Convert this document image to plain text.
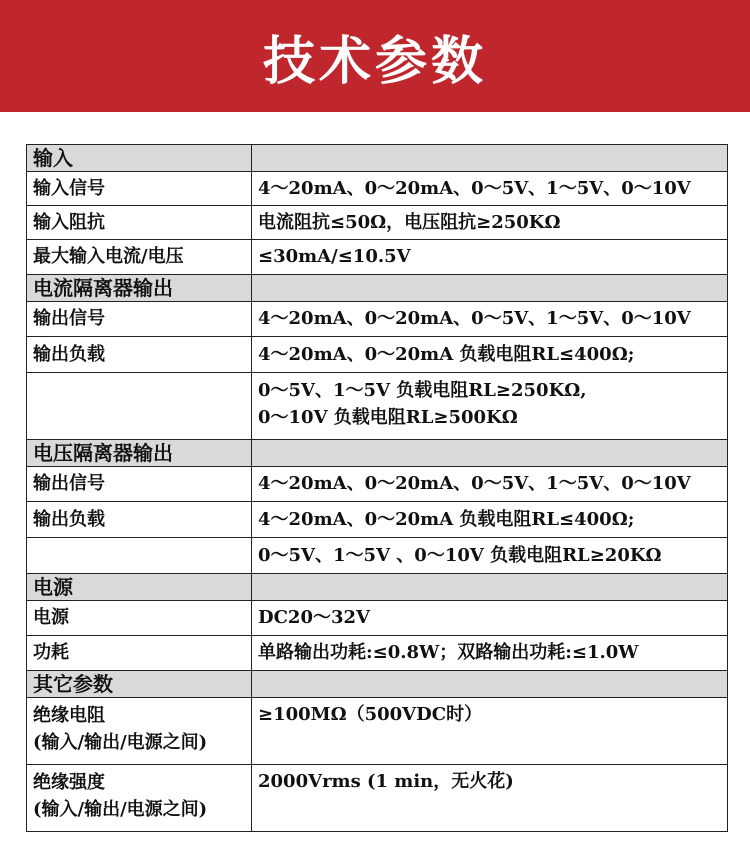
技术参数
输入	
输入信号	4～20mA、0～20mA、0～5V、1～5V、0～10V
输入阻抗	电流阻抗≤50Ω，电压阻抗≥250KΩ
最大输入电流/电压	≤30mA/≤10.5V
电流隔离器输出	
输出信号	4～20mA、0～20mA、0～5V、1～5V、0～10V
输出负载	4～20mA、0～20mA 负载电阻RL≤400Ω;

	0～5V、1～5V 负载电阻RL≥250KΩ,
0～10V 负载电阻RL≥500KΩ

电压隔离器输出	
输出信号	4～20mA、0～20mA、0～5V、1～5V、0～10V
输出负载	4～20mA、0～20mA 负载电阻RL≤400Ω;
	0～5V、1～5V 、0～10V 负载电阻RL≥20KΩ
电源	
电源	DC20～32V
功耗	单路输出功耗:≤0.8W；双路输出功耗:≤1.0W
其它参数	

绝缘电阻
(输入/输出/电源之间)	≥100MΩ（500VDC时）

绝缘强度
(输入/输出/电源之间)	2000Vrms (1 min，无火花)
